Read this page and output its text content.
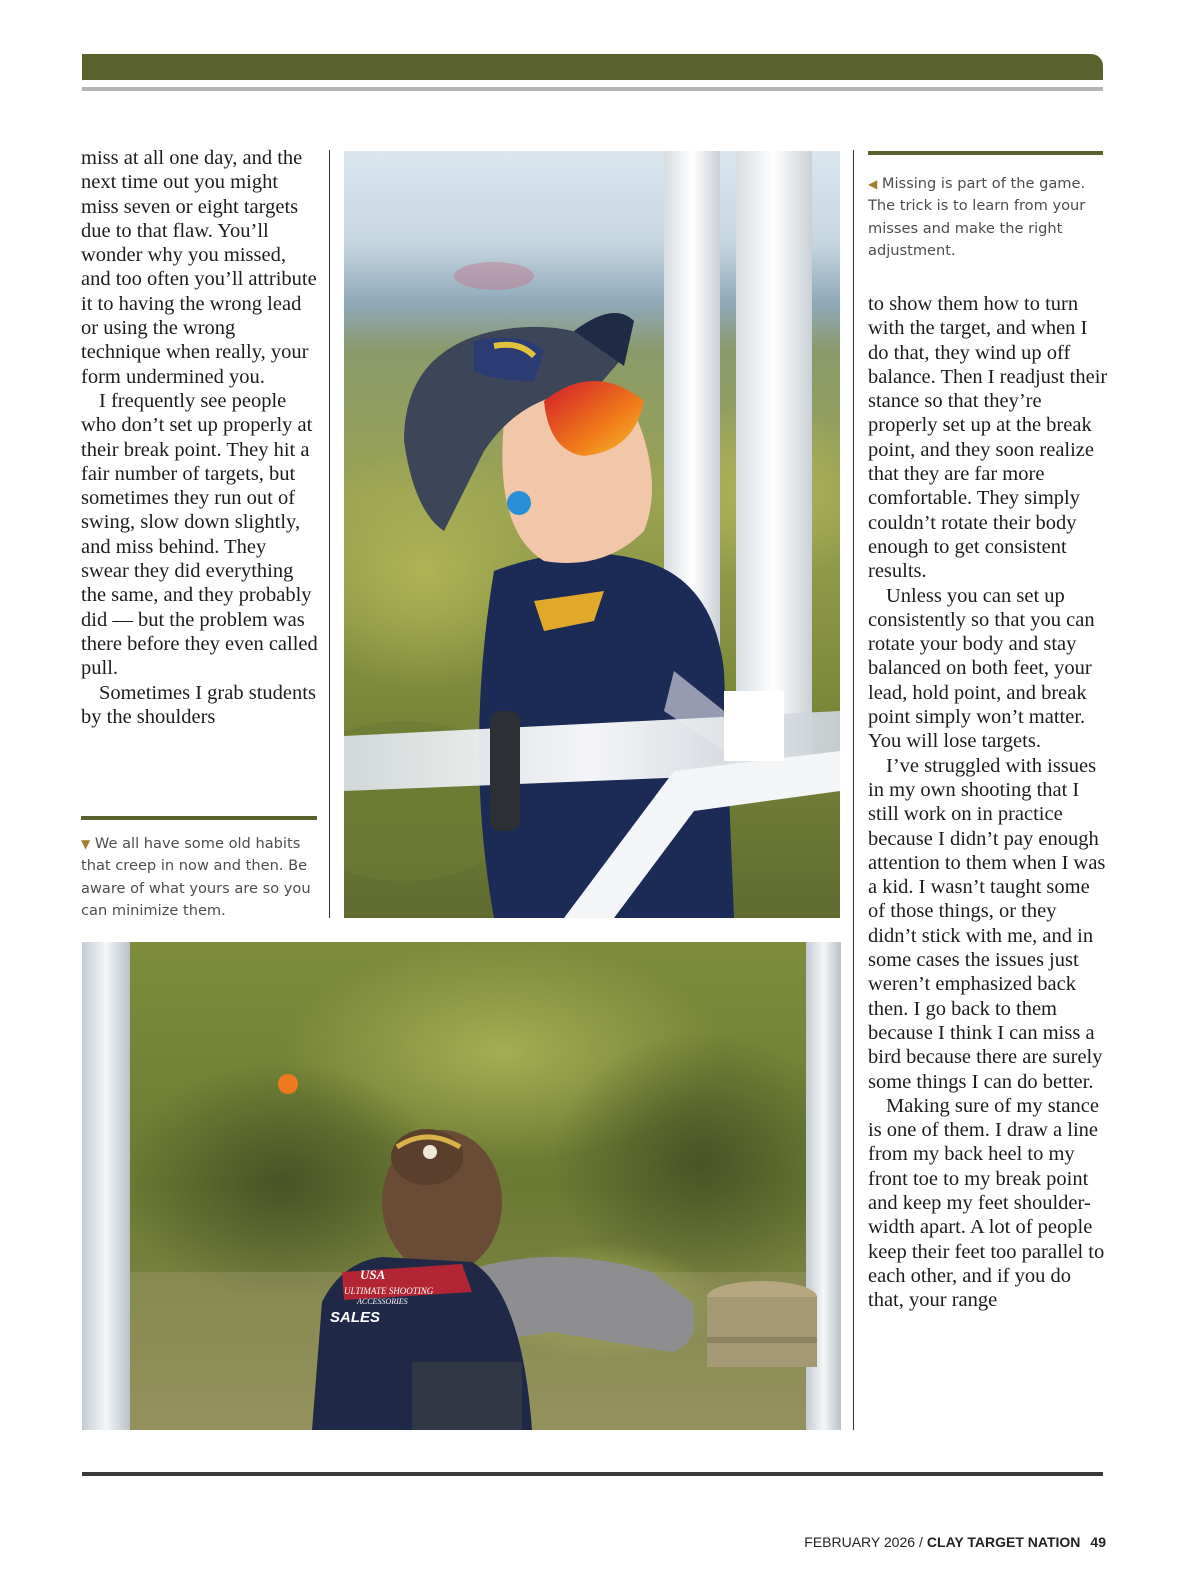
miss at all one day, and the next time out you might miss seven or eight targets due to that flaw. You’ll wonder why you missed, and too often you’ll attribute it to having the wrong lead or using the wrong technique when really, your form undermined you.

I frequently see people who don’t set up properly at their break point. They hit a fair number of targets, but sometimes they run out of swing, slow down slightly, and miss behind. They swear they did everything the same, and they probably did — but the problem was there before they even called pull.

Sometimes I grab students by the shoulders

▼ We all have some old habits that creep in now and then. Be aware of what yours are so you can minimize them.
◀ Missing is part of the game. The trick is to learn from your misses and make the right adjustment.

to show them how to turn with the target, and when I do that, they wind up off balance. Then I readjust their stance so that they’re properly set up at the break point, and they soon realize that they are far more comfortable. They simply couldn’t rotate their body enough to get consistent results.

Unless you can set up consistently so that you can rotate your body and stay balanced on both feet, your lead, hold point, and break point simply won’t matter. You will lose targets.

I’ve struggled with issues in my own shooting that I still work on in practice because I didn’t pay enough attention to them when I was a kid. I wasn’t taught some of those things, or they didn’t stick with me, and in some cases the issues just weren’t emphasized back then. I go back to them because I think I can miss a bird because there are surely some things I can do better.

Making sure of my stance is one of them. I draw a line from my back heel to my front toe to my break point and keep my feet shoulder-width apart. A lot of people keep their feet too parallel to each other, and if you do that, your range

USA
ULTIMATE SHOOTING
ACCESSORIES
SALES
FEBRUARY 2026 / CLAY TARGET NATION 49
